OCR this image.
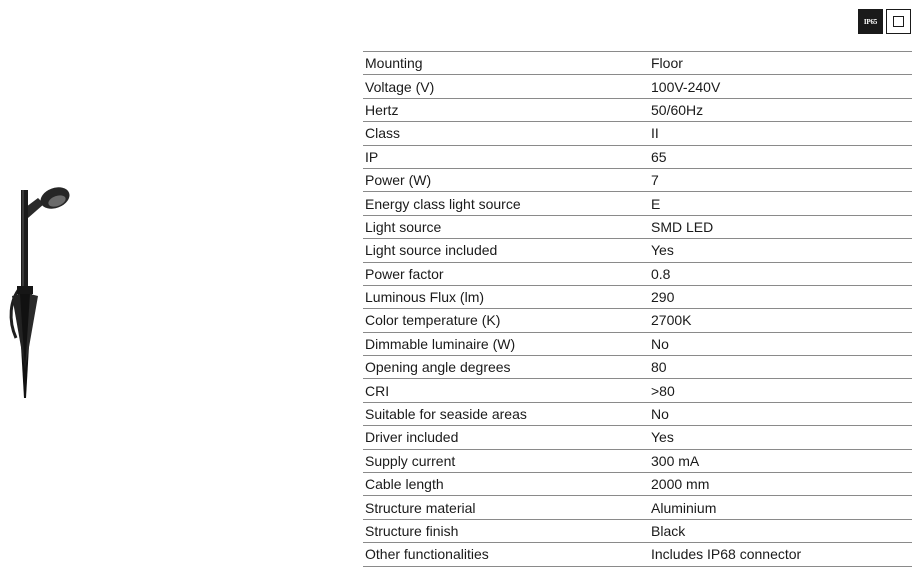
IP65
Mounting	Floor
Voltage (V)	100V-240V
Hertz	50/60Hz
Class	II
IP	65
Power (W)	7
Energy class light source	E
Light source	SMD LED
Light source included	Yes
Power factor	0.8
Luminous Flux (lm)	290
Color temperature (K)	2700K
Dimmable luminaire (W)	No
Opening angle degrees	80
CRI	>80
Suitable for seaside areas	No
Driver included	Yes
Supply current	300 mA
Cable length	2000 mm
Structure material	Aluminium
Structure finish	Black
Other functionalities	Includes IP68 connector
